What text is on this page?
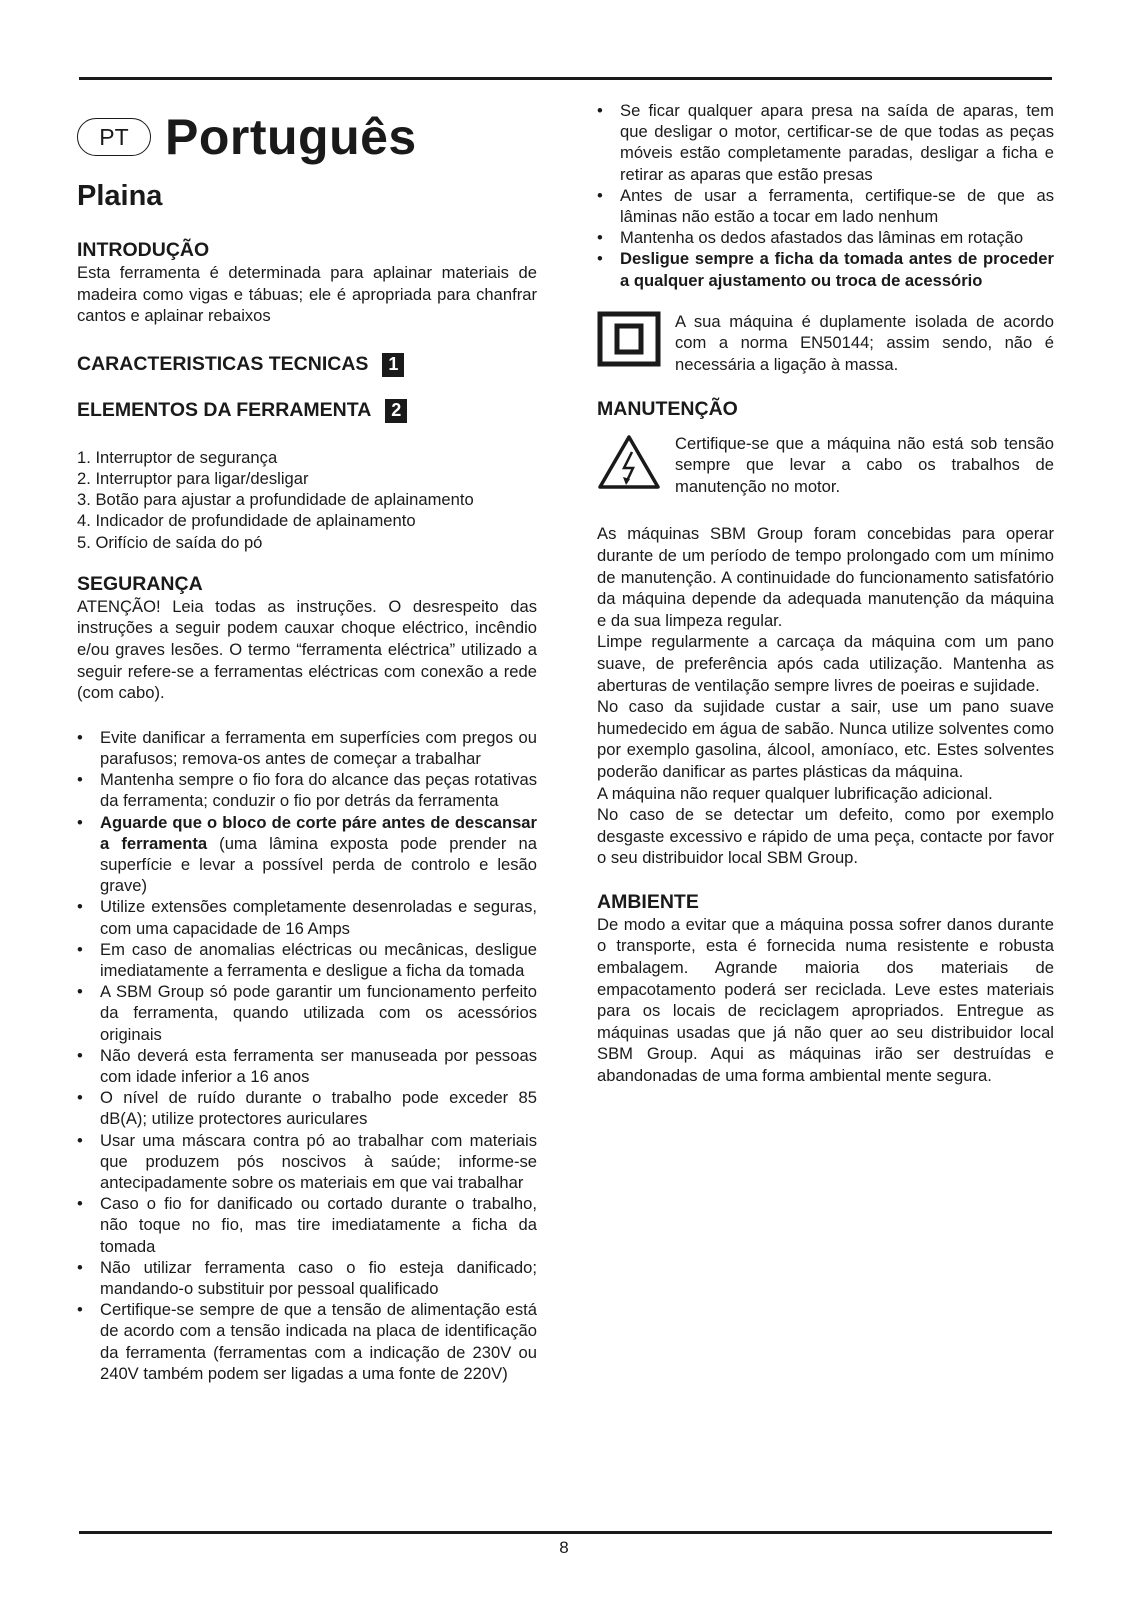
PT Português
Plaina
INTRODUÇÃO

Esta ferramenta é determinada para aplainar materiais de madeira como vigas e tábuas; ele é apropriada para chanfrar cantos e aplainar rebaixos

CARACTERISTICAS TECNICAS	1
ELEMENTOS DA FERRAMENTA	2
1. Interruptor de segurança
2. Interruptor para ligar/desligar
3. Botão para ajustar a profundidade de aplainamento
4. Indicador de profundidade de aplainamento
5. Orifício de saída do pó
SEGURANÇA

ATENÇÃO! Leia todas as instruções. O desrespeito das instruções a seguir podem cauxar choque eléctrico, incêndio e/ou graves lesões. O termo “ferramenta eléctrica” utilizado a seguir refere-se a ferramentas eléctricas com conexão a rede (com cabo).

• Evite danificar a ferramenta em superfícies com pregos ou parafusos; remova-os antes de começar a trabalhar
• Mantenha sempre o fio fora do alcance das peças rotativas da ferramenta; conduzir o fio por detrás da ferramenta
• Aguarde que o bloco de corte páre antes de descansar a ferramenta (uma lâmina exposta pode prender na superfície e levar a possível perda de controlo e lesão grave)
• Utilize extensões completamente desenroladas e seguras, com uma capacidade de 16 Amps
• Em caso de anomalias eléctricas ou mecânicas, desligue imediatamente a ferramenta e desligue a ficha da tomada
• A SBM Group só pode garantir um funcionamento perfeito da ferramenta, quando utilizada com os acessórios originais
• Não deverá esta ferramenta ser manuseada por pessoas com idade inferior a 16 anos
• O nível de ruído durante o trabalho pode exceder 85 dB(A); utilize protectores auriculares
• Usar uma máscara contra pó ao trabalhar com materiais que produzem pós noscivos à saúde; informe-se antecipadamente sobre os materiais em que vai trabalhar
• Caso o fio for danificado ou cortado durante o trabalho, não toque no fio, mas tire imediatamente a ficha da tomada
• Não utilizar ferramenta caso o fio esteja danificado; mandando-o substituir por pessoal qualificado
• Certifique-se sempre de que a tensão de alimentação está de acordo com a tensão indicada na placa de identificação da ferramenta (ferramentas com a indicação de 230V ou 240V também podem ser ligadas a uma fonte de 220V)
• Se ficar qualquer apara presa na saída de aparas, tem que desligar o motor, certificar-se de que todas as peças móveis estão completamente paradas, desligar a ficha e retirar as aparas que estão presas
• Antes de usar a ferramenta, certifique-se de que as lâminas não estão a tocar em lado nenhum
• Mantenha os dedos afastados das lâminas em rotação
• Desligue sempre a ficha da tomada antes de proceder a qualquer ajustamento ou troca de acessório

A sua máquina é duplamente isolada de acordo com a norma EN50144; assim sendo, não é necessária a ligação à massa.

MANUTENÇÃO

Certifique-se que a máquina não está sob tensão sempre que levar a cabo os trabalhos de manutenção no motor.

As máquinas SBM Group foram concebidas para operar durante de um período de tempo prolongado com um mínimo de manutenção. A continuidade do funcionamento satisfatório da máquina depende da adequada manutenção da máquina e da sua limpeza regular.

Limpe regularmente a carcaça da máquina com um pano suave, de preferência após cada utilização. Mantenha as aberturas de ventilação sempre livres de poeiras e sujidade.

No caso da sujidade custar a sair, use um pano suave humedecido em água de sabão. Nunca utilize solventes como por exemplo gasolina, álcool, amoníaco, etc. Estes solventes poderão danificar as partes plásticas da máquina.

A máquina não requer qualquer lubrificação adicional.

No caso de se detectar um defeito, como por exemplo desgaste excessivo e rápido de uma peça, contacte por favor o seu distribuidor local SBM Group.

AMBIENTE

De modo a evitar que a máquina possa sofrer danos durante o transporte, esta é fornecida numa resistente e robusta embalagem. Agrande maioria dos materiais de empacotamento poderá ser reciclada. Leve estes materiais para os locais de reciclagem apropriados. Entregue as máquinas usadas que já não quer ao seu distribuidor local SBM Group. Aqui as máquinas irão ser destruídas e abandonadas de uma forma ambiental mente segura.

8
